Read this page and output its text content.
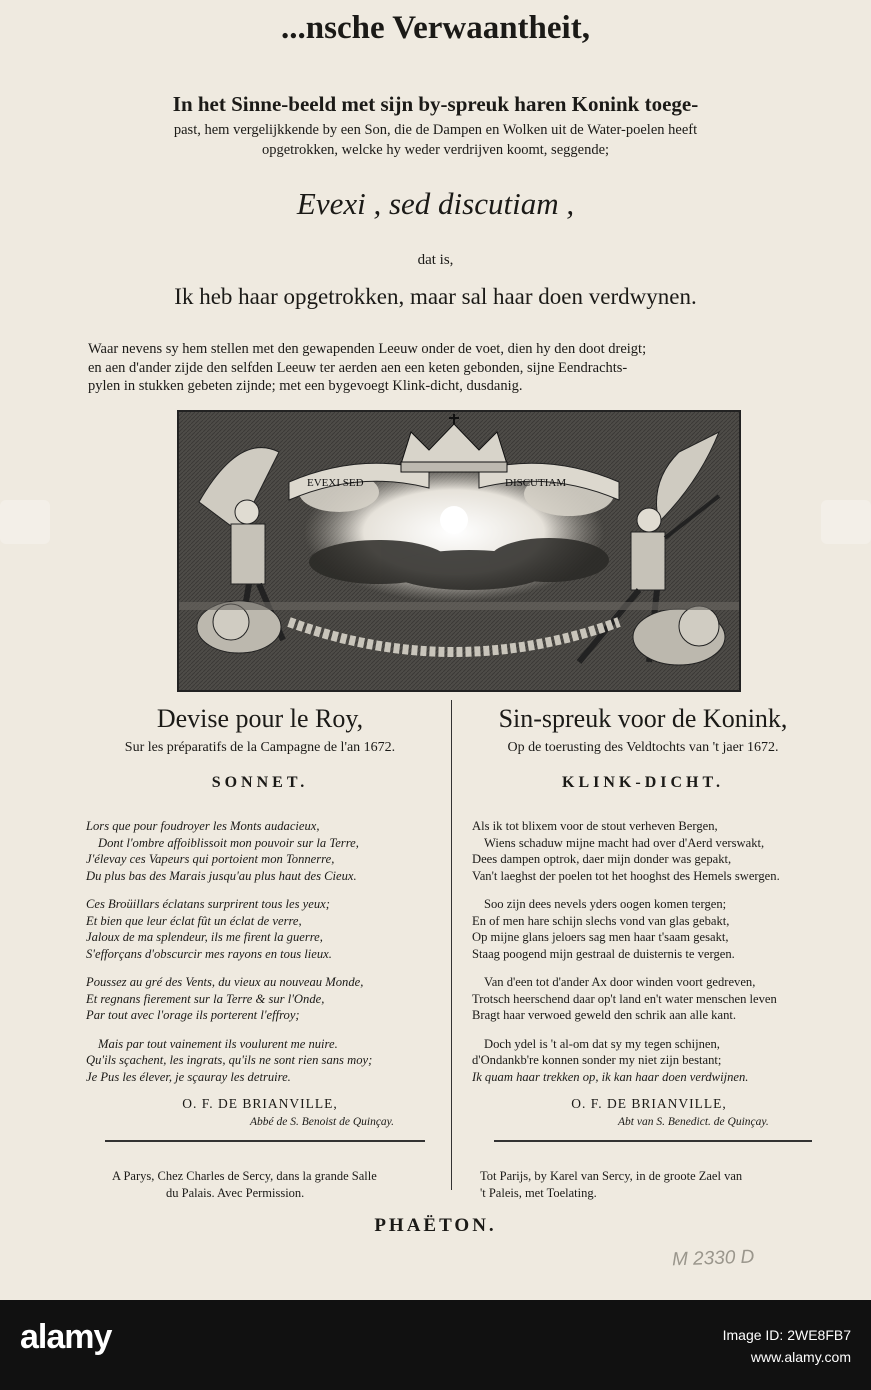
...nsche Verwaantheit,
In het Sinne-beeld met sijn by-spreuk haren Konink toege-
past, hem vergelijkkende by een Son, die de Dampen en Wolken uit de Water-poelen heeft
opgetrokken, welcke hy weder verdrijven koomt, seggende;
Evexi , sed discutiam ,
dat is,
Ik heb haar opgetrokken, maar sal haar doen verdwynen.
Waar nevens sy hem stellen met den gewapenden Leeuw onder de voet, dien hy den doot dreigt;
en aen d'ander zijde den selfden Leeuw ter aerden aen een keten gebonden, sijne Eendrachts-
pylen in stukken gebeten zijnde; met een bygevoegt Klink-dicht, dusdanig.
EVEXI SED	DISCUTIAM
Devise pour le Roy,
Sur les préparatifs de la Campagne de l'an 1672.
SONNET.
Sin-spreuk voor de Konink,
Op de toerusting des Veldtochts van 't jaer 1672.
KLINK-DICHT.
Lors que pour foudroyer les Monts audacieux,
Dont l'ombre affoiblissoit mon pouvoir sur la Terre,
J'élevay ces Vapeurs qui portoient mon Tonnerre,
Du plus bas des Marais jusqu'au plus haut des Cieux.
Ces Broüillars éclatans surprirent tous les yeux;
Et bien que leur éclat fût un éclat de verre,
Jaloux de ma splendeur, ils me firent la guerre,
S'efforçans d'obscurcir mes rayons en tous lieux.
Poussez au gré des Vents, du vieux au nouveau Monde,
Et regnans fierement sur la Terre & sur l'Onde,
Par tout avec l'orage ils porterent l'effroy;
Mais par tout vainement ils voulurent me nuire.
Qu'ils sçachent, les ingrats, qu'ils ne sont rien sans moy;
Je Pus les élever, je sçauray les detruire.
Als ik tot blixem voor de stout verheven Bergen,
Wiens schaduw mijne macht had over d'Aerd verswakt,
Dees dampen optrok, daer mijn donder was gepakt,
Van't laeghst der poelen tot het hooghst des Hemels swergen.
Soo zijn dees nevels yders oogen komen tergen;
En of men hare schijn slechs vond van glas gebakt,
Op mijne glans jeloers sag men haar t'saam gesakt,
Staag poogend mijn gestraal de duisternis te vergen.
Van d'een tot d'ander Ax door winden voort gedreven,
Trotsch heerschend daar op't land en't water menschen leven
Bragt haar verwoed geweld den schrik aan alle kant.
Doch ydel is 't al-om dat sy my tegen schijnen,
d'Ondankb're konnen sonder my niet zijn bestant;
Ik quam haar trekken op, ik kan haar doen verdwijnen.
O. F. DE BRIANVILLE,
Abbé de S. Benoist de Quinçay.
O. F. DE BRIANVILLE,
Abt van S. Benedict. de Quinçay.
A Parys, Chez Charles de Sercy, dans la grande Salle
du Palais. Avec Permission.
Tot Parijs, by Karel van Sercy, in de groote Zael van
't Paleis, met Toelating.
PHAËTON.
M 2330 D
alamy	Image ID: 2WE8FB7
www.alamy.com
